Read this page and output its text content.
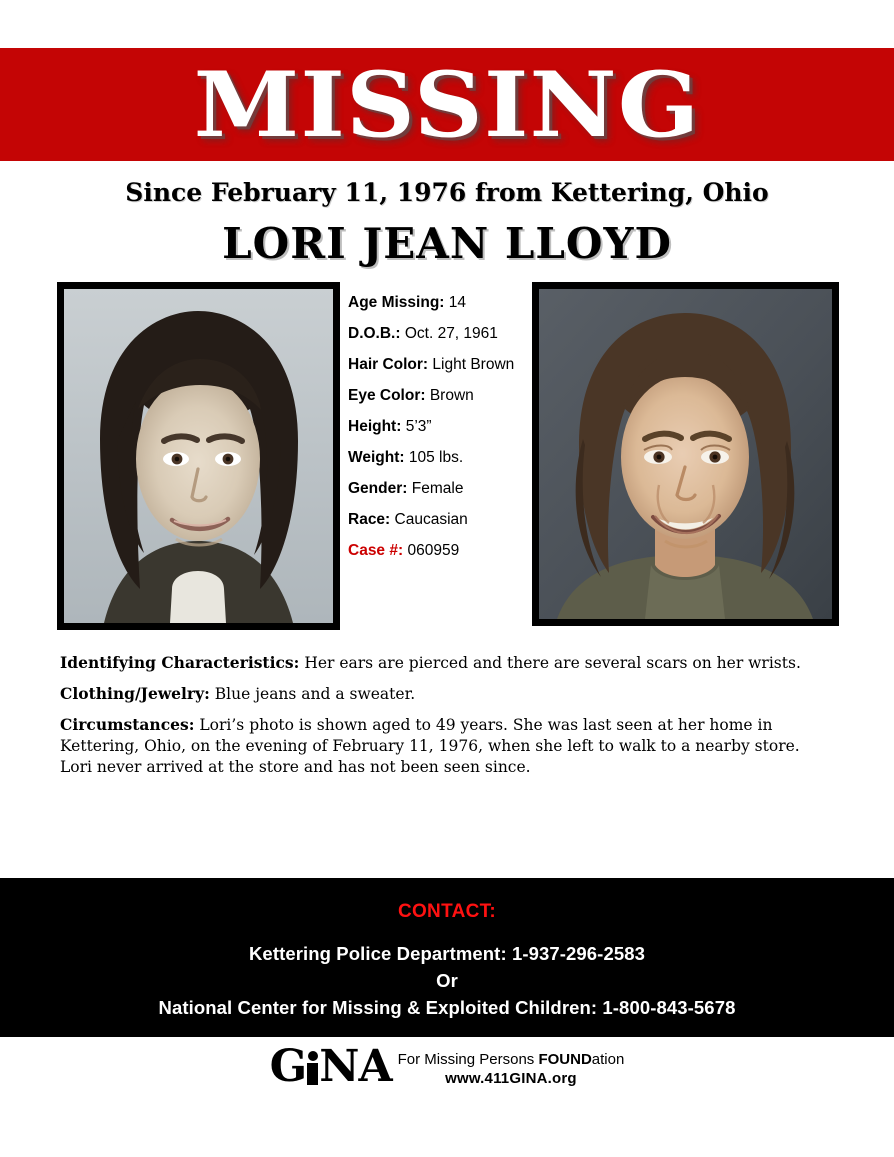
MISSING
Since February 11, 1976 from Kettering, Ohio
LORI JEAN LLOYD
Age Missing: 14
D.O.B.: Oct. 27, 1961
Hair Color: Light Brown
Eye Color: Brown
Height: 5’3”
Weight: 105 lbs.
Gender: Female
Race: Caucasian
Case #: 060959

Identifying Characteristics: Her ears are pierced and there are several scars on her wrists.

Clothing/Jewelry: Blue jeans and a sweater.

Circumstances: Lori’s photo is shown aged to 49 years. She was last seen at her home in Kettering, Ohio, on the evening of February 11, 1976, when she left to walk to a nearby store. Lori never arrived at the store and has not been seen since.

CONTACT:
Kettering Police Department: 1-937-296-2583
Or
National Center for Missing & Exploited Children: 1-800-843-5678
G N A For Missing Persons FOUNDation
www.411GINA.org
